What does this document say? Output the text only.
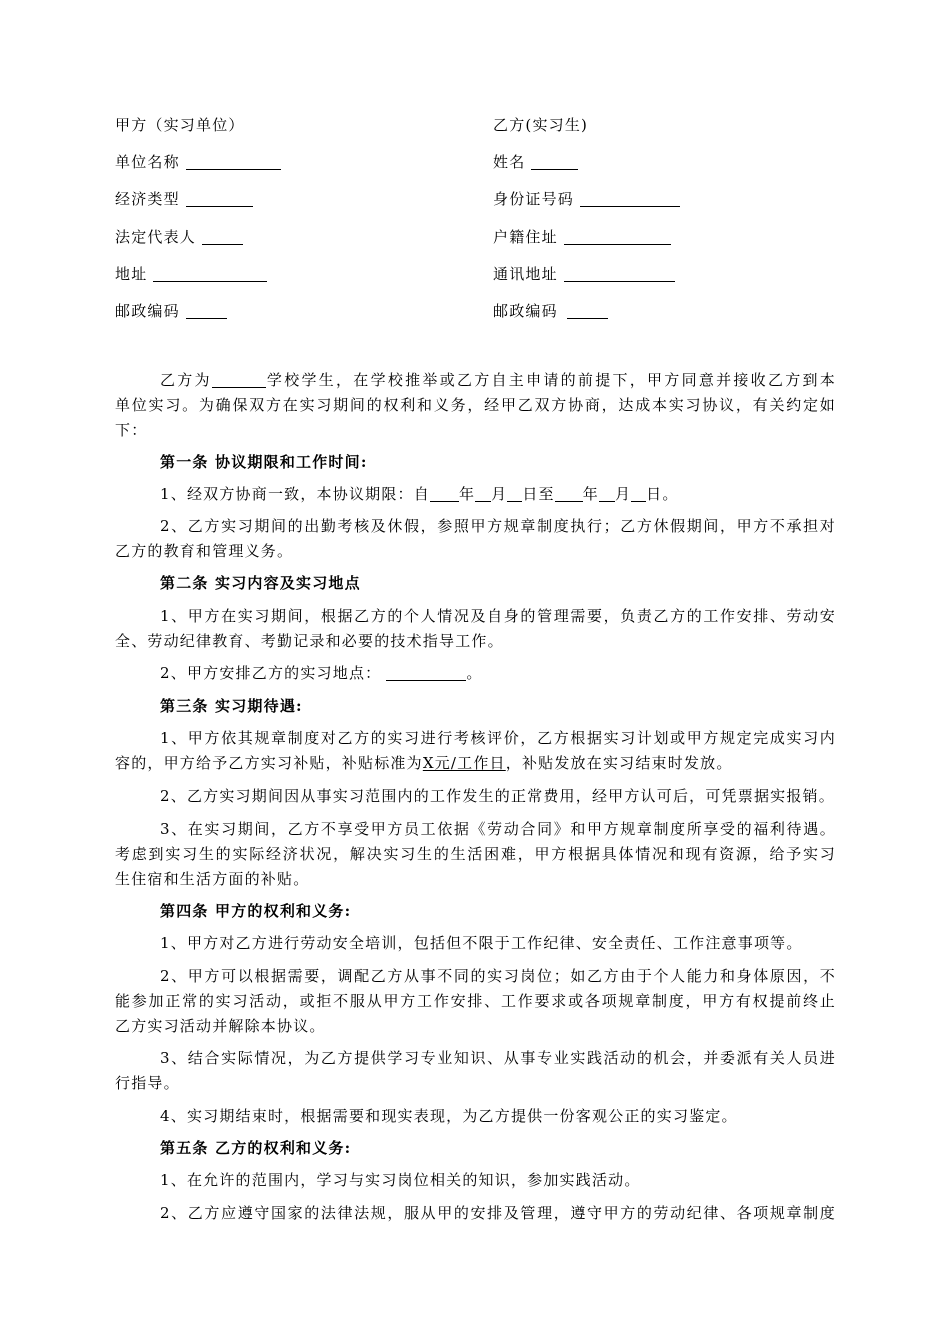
甲方（实习单位）	乙方(实习生)
单位名称	姓名
经济类型	身份证号码
法定代表人	户籍住址
地址	通讯地址
邮政编码	邮政编码
乙方为	学校学生，在学校推举或乙方自主申请的前提下，甲方同意并接收乙方到本
单位实习。为确保双方在实习期间的权利和义务，经甲乙双方协商，达成本实习协议，有关约定如
下：
第一条 协议期限和工作时间:
1、经双方协商一致，本协议期限：自 年 月 日至 年 月 日。
2、乙方实习期间的出勤考核及休假，参照甲方规章制度执行；乙方休假期间，甲方不承担对
乙方的教育和管理义务。
第二条 实习内容及实习地点
1、甲方在实习期间，根据乙方的个人情况及自身的管理需要，负责乙方的工作安排、劳动安
全、劳动纪律教育、考勤记录和必要的技术指导工作。
2、甲方安排乙方的实习地点：	。
第三条 实习期待遇:
1、甲方依其规章制度对乙方的实习进行考核评价，乙方根据实习计划或甲方规定完成实习内
容的，甲方给予乙方实习补贴，补贴标准为X元/工作日，补贴发放在实习结束时发放。
2、乙方实习期间因从事实习范围内的工作发生的正常费用，经甲方认可后，可凭票据实报销。
3、在实习期间，乙方不享受甲方员工依据《劳动合同》和甲方规章制度所享受的福利待遇。
考虑到实习生的实际经济状况，解决实习生的生活困难，甲方根据具体情况和现有资源，给予实习
生住宿和生活方面的补贴。
第四条 甲方的权利和义务:
1、甲方对乙方进行劳动安全培训，包括但不限于工作纪律、安全责任、工作注意事项等。
2、甲方可以根据需要，调配乙方从事不同的实习岗位；如乙方由于个人能力和身体原因，不
能参加正常的实习活动，或拒不服从甲方工作安排、工作要求或各项规章制度，甲方有权提前终止
乙方实习活动并解除本协议。
3、结合实际情况，为乙方提供学习专业知识、从事专业实践活动的机会，并委派有关人员进
行指导。
4、实习期结束时，根据需要和现实表现，为乙方提供一份客观公正的实习鉴定。
第五条 乙方的权利和义务:
1、在允许的范围内，学习与实习岗位相关的知识，参加实践活动。
2、乙方应遵守国家的法律法规，服从甲的安排及管理，遵守甲方的劳动纪律、各项规章制度
